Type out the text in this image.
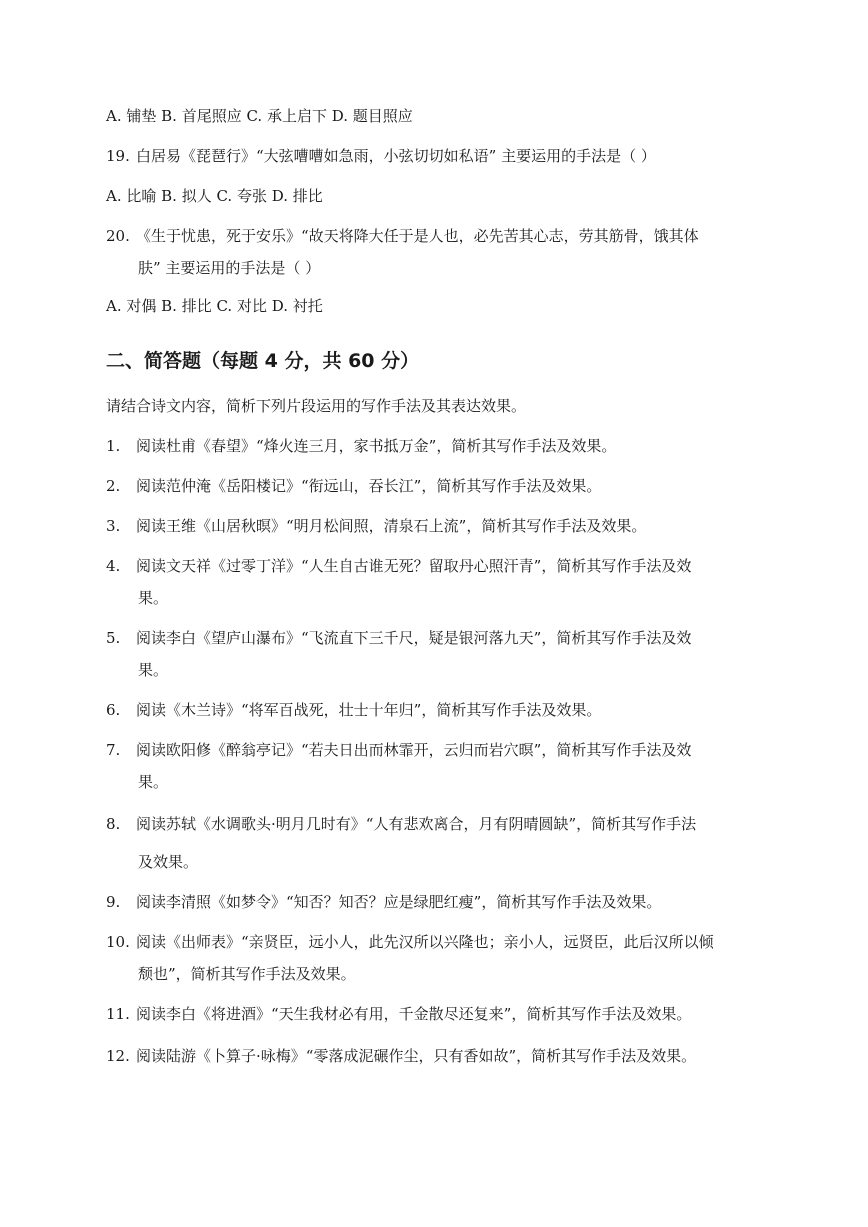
A. 铺垫 B. 首尾照应 C. 承上启下 D. 题目照应
19. 白居易《琵琶行》“大弦嘈嘈如急雨，小弦切切如私语” 主要运用的手法是（ ）
A. 比喻 B. 拟人 C. 夸张 D. 排比
20. 《生于忧患，死于安乐》“故天将降大任于是人也，必先苦其心志，劳其筋骨，饿其体
肤” 主要运用的手法是（ ）
A. 对偶 B. 排比 C. 对比 D. 衬托
二、简答题（每题 4 分，共 60 分）
请结合诗文内容，简析下列片段运用的写作手法及其表达效果。
1. 阅读杜甫《春望》“烽火连三月，家书抵万金”，简析其写作手法及效果。
2. 阅读范仲淹《岳阳楼记》“衔远山，吞长江”，简析其写作手法及效果。
3. 阅读王维《山居秋暝》“明月松间照，清泉石上流”，简析其写作手法及效果。
4. 阅读文天祥《过零丁洋》“人生自古谁无死？留取丹心照汗青”，简析其写作手法及效
果。
5. 阅读李白《望庐山瀑布》“飞流直下三千尺，疑是银河落九天”，简析其写作手法及效
果。
6. 阅读《木兰诗》“将军百战死，壮士十年归”，简析其写作手法及效果。
7. 阅读欧阳修《醉翁亭记》“若夫日出而林霏开，云归而岩穴暝”，简析其写作手法及效
果。
8. 阅读苏轼《水调歌头·明月几时有》“人有悲欢离合，月有阴晴圆缺”，简析其写作手法
及效果。
9. 阅读李清照《如梦令》“知否？知否？应是绿肥红瘦”，简析其写作手法及效果。
10. 阅读《出师表》“亲贤臣，远小人，此先汉所以兴隆也；亲小人，远贤臣，此后汉所以倾
颓也”，简析其写作手法及效果。
11. 阅读李白《将进酒》“天生我材必有用，千金散尽还复来”，简析其写作手法及效果。
12. 阅读陆游《卜算子·咏梅》“零落成泥碾作尘，只有香如故”，简析其写作手法及效果。
